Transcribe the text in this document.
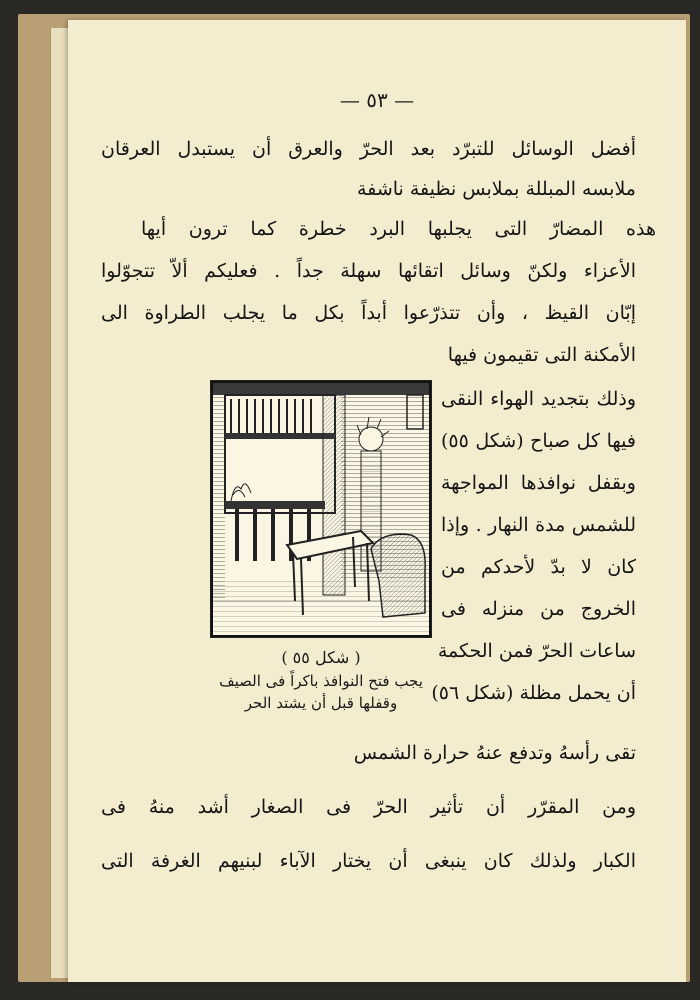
— ٥٣ —
أفضل الوسائل للتبرّد بعد الحرّ والعرق أن يستبدل العرقان
ملابسه المبللة بملابس نظيفة ناشفة
هذه المضارّ التى يجلبها البرد خطرة كما ترون أيها
الأعزاء ولكنّ وسائل اتقائها سهلة جداً . فعليكم ألاّ تتجوّلوا
إبّان القيظ ، وأن تتذرّعوا أبداً بكل ما يجلب الطراوة الى
الأمكنة التى تقيمون فيها
وذلك بتجديد الهواء النقى
فيها كل صباح (شكل ٥٥)
وبقفل نوافذها المواجهة
للشمس مدة النهار . وإذا
كان لا بدّ لأحدكم من
الخروج من منزله فى
ساعات الحرّ فمن الحكمة
أن يحمل مظلة (شكل ٥٦)
تقى رأسهُ وتدفع عنهُ حرارة الشمس
ومن المقرّر أن تأثير الحرّ فى الصغار أشد منهُ فى
الكبار ولذلك كان ينبغى أن يختار الآباء لبنيهم الغرفة التى
( شكل ٥٥ )
يجب فتح النوافذ باكراً فى الصيف
وقفلها قبل أن يشتد الحر
